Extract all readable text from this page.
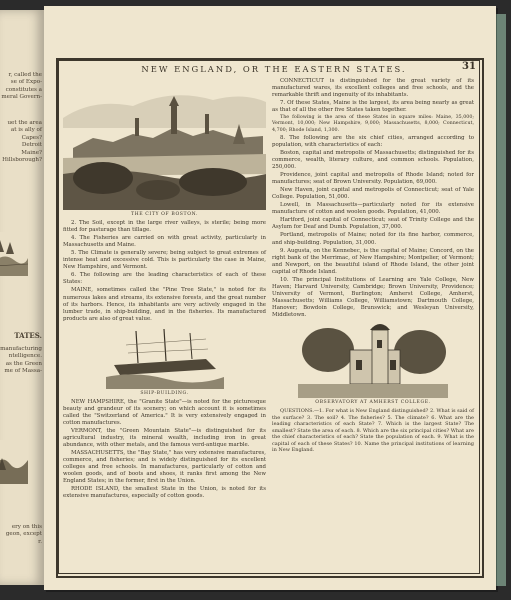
r, called the
se of Expo-
constitutes a
meral Govern-
uet the area
at is ally of
Capes?
Detroit
Maine?
Hillsborough?
TATES.
manufacturing
ntelligence.
as the Green
me of Massa-
ery on this
geon, except
r.
NEW ENGLAND, OR THE EASTERN STATES.	31
THE CITY OF BOSTON.

2. The Soil, except in the large river valleys, is sterile; being more fitted for pasturage than tillage.

4. The Fisheries are carried on with great activity, particularly in Massachusetts and Maine.

5. The Climate is generally severe; being subject to great extremes of intense heat and excessive cold. This is particularly the case in Maine, New Hampshire, and Vermont.

6. The following are the leading characteristics of each of these States:

MAINE, sometimes called the "Pine Tree State," is noted for its numerous lakes and streams, its extensive forests, and the great number of its harbors. Hence, its inhabitants are very actively engaged in the lumber trade, in ship-building, and in the fisheries. Its manufactured products are also of great value.

SHIP-BUILDING.

NEW HAMPSHIRE, the "Granite State"—is noted for the picturesque beauty and grandeur of its scenery; on which account it is sometimes called the "Switzerland of America." It is very extensively engaged in cotton manufactures.

VERMONT, the "Green Mountain State"—is distinguished for its agricultural industry, its mineral wealth, including iron in great abundance, with other metals, and the famous verd-antique marble.

MASSACHUSETTS, the "Bay State," has very extensive manufactures, commerce, and fisheries; and is widely distinguished for its excellent colleges and free schools. In manufactures, particularly of cotton and woolen goods, and of boots and shoes, it ranks first among the New England States; in the former, first in the Union.

RHODE ISLAND, the smallest State in the Union, is noted for its extensive manufactures, especially of cotton goods.

CONNECTICUT is distinguished for the great variety of its manufactured wares, its excellent colleges and free schools, and the remarkable thrift and ingenuity of its inhabitants.

7. Of these States, Maine is the largest, its area being nearly as great as that of all the other five States taken together.

The following is the area of these States in square miles: Maine, 35,000; Vermont, 10,000; New Hampshire, 9,000; Massachusetts, 8,000; Connecticut, 4,700; Rhode Island, 1,300.

8. The following are the six chief cities, arranged according to population, with characteristics of each:

Boston, capital and metropolis of Massachusetts; distinguished for its commerce, wealth, literary culture, and common schools. Population, 250,000.

Providence, joint capital and metropolis of Rhode Island; noted for manufactures; seat of Brown University. Population, 69,000.

New Haven, joint capital and metropolis of Connecticut; seat of Yale College. Population, 51,000.

Lowell, in Massachusetts—particularly noted for its extensive manufacture of cotton and woolen goods. Population, 41,000.

Hartford, joint capital of Connecticut; seat of Trinity College and the Asylum for Deaf and Dumb. Population, 37,000.

Portland, metropolis of Maine; noted for its fine harbor, commerce, and ship-building. Population, 31,000.

9. Augusta, on the Kennebec, is the capital of Maine; Concord, on the right bank of the Merrimac, of New Hampshire; Montpelier, of Vermont; and Newport, on the beautiful island of Rhode Island, the other joint capital of Rhode Island.

10. The principal Institutions of Learning are Yale College, New Haven; Harvard University, Cambridge; Brown University, Providence; University of Vermont, Burlington; Amherst College, Amherst, Massachusetts; Williams College, Williamstown; Dartmouth College, Hanover; Bowdoin College, Brunswick; and Wesleyan University, Middletown.

OBSERVATORY AT AMHERST COLLEGE.

QUESTIONS.—1. For what is New England distinguished? 2. What is said of the surface? 3. The soil? 4. The fisheries? 5. The climate? 6. What are the leading characteristics of each State? 7. Which is the largest State? The smallest? State the area of each. 8. Which are the six principal cities? What are the chief characteristics of each? State the population of each. 9. What is the capital of each of these States? 10. Name the principal institutions of learning in New England.
